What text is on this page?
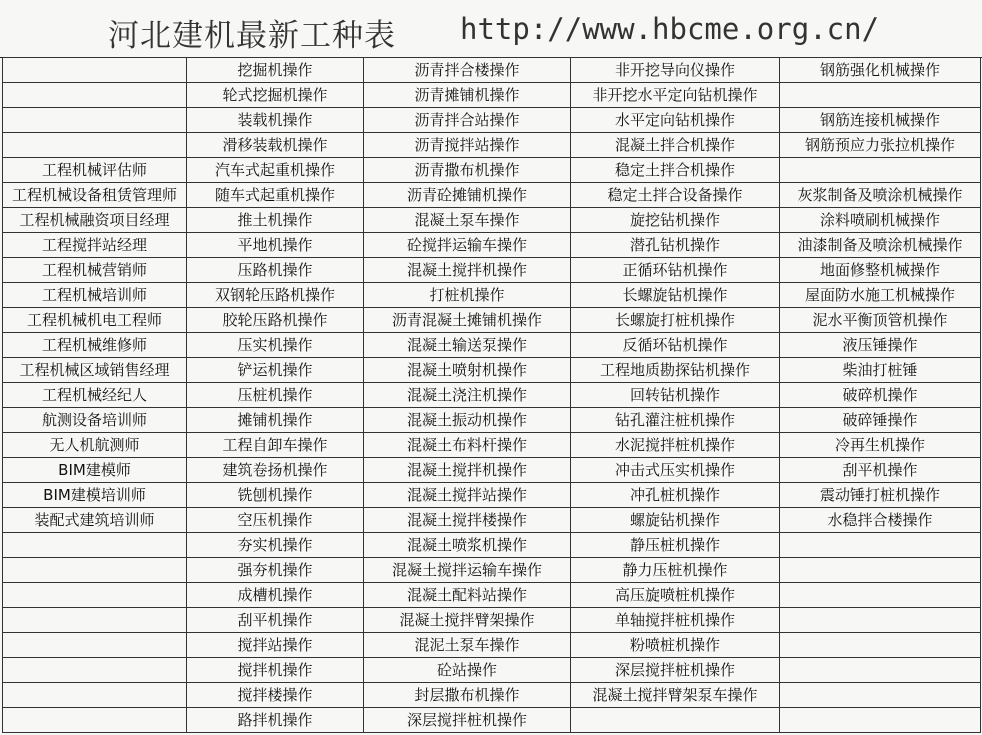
河北建机最新工种表 http://www.hbcme.org.cn/
	挖掘机操作	沥青拌合楼操作	非开挖导向仪操作	钢筋强化机械操作
	轮式挖掘机操作	沥青摊铺机操作	非开挖水平定向钻机操作	
	装载机操作	沥青拌合站操作	水平定向钻机操作	钢筋连接机械操作
	滑移装载机操作	沥青搅拌站操作	混凝土拌合机操作	钢筋预应力张拉机操作
工程机械评估师	汽车式起重机操作	沥青撒布机操作	稳定土拌合机操作	
工程机械设备租赁管理师	随车式起重机操作	沥青砼摊铺机操作	稳定土拌合设备操作	灰浆制备及喷涂机械操作
工程机械融资项目经理	推土机操作	混凝土泵车操作	旋挖钻机操作	涂料喷刷机械操作
工程搅拌站经理	平地机操作	砼搅拌运输车操作	潜孔钻机操作	油漆制备及喷涂机械操作
工程机械营销师	压路机操作	混凝土搅拌机操作	正循环钻机操作	地面修整机械操作
工程机械培训师	双钢轮压路机操作	打桩机操作	长螺旋钻机操作	屋面防水施工机械操作
工程机械机电工程师	胶轮压路机操作	沥青混凝土摊铺机操作	长螺旋打桩机操作	泥水平衡顶管机操作
工程机械维修师	压实机操作	混凝土输送泵操作	反循环钻机操作	液压锤操作
工程机械区域销售经理	铲运机操作	混凝土喷射机操作	工程地质勘探钻机操作	柴油打桩锤
工程机械经纪人	压桩机操作	混凝土浇注机操作	回转钻机操作	破碎机操作
航测设备培训师	摊铺机操作	混凝土振动机操作	钻孔灌注桩机操作	破碎锤操作
无人机航测师	工程自卸车操作	混凝土布料杆操作	水泥搅拌桩机操作	冷再生机操作
BIM建模师	建筑卷扬机操作	混凝土搅拌机操作	冲击式压实机操作	刮平机操作
BIM建模培训师	铣刨机操作	混凝土搅拌站操作	冲孔桩机操作	震动锤打桩机操作
装配式建筑培训师	空压机操作	混凝土搅拌楼操作	螺旋钻机操作	水稳拌合楼操作
	夯实机操作	混凝土喷浆机操作	静压桩机操作	
	强夯机操作	混凝土搅拌运输车操作	静力压桩机操作	
	成槽机操作	混凝土配料站操作	高压旋喷桩机操作	
	刮平机操作	混凝土搅拌臂架操作	单轴搅拌桩机操作	
	搅拌站操作	混泥土泵车操作	粉喷桩机操作	
	搅拌机操作	砼站操作	深层搅拌桩机操作	
	搅拌楼操作	封层撒布机操作	混凝土搅拌臂架泵车操作	
	路拌机操作	深层搅拌桩机操作		
